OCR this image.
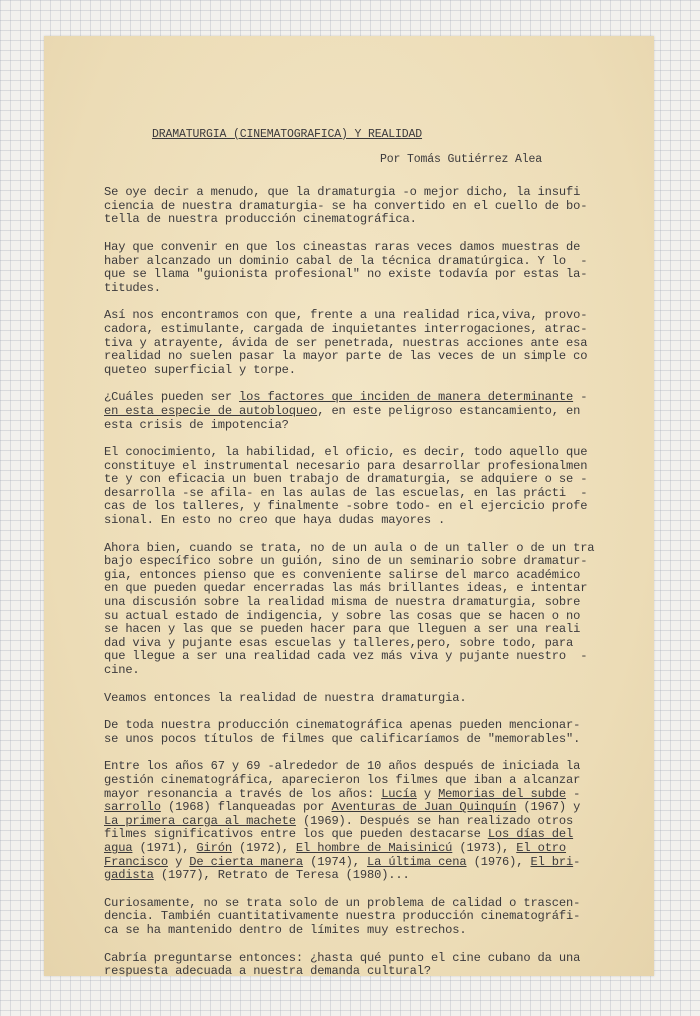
DRAMATURGIA (CINEMATOGRAFICA) Y REALIDAD
Por Tomás Gutiérrez Alea
Se oye decir a menudo, que la dramaturgia -o mejor dicho, la insufi
ciencia de nuestra dramaturgia- se ha convertido en el cuello de bo-
tella de nuestra producción cinematográfica.
Hay que convenir en que los cineastas raras veces damos muestras de
haber alcanzado un dominio cabal de la técnica dramatúrgica. Y lo  -
que se llama "guionista profesional" no existe todavía por estas la-
titudes.
Así nos encontramos con que, frente a una realidad rica,viva, provo-
cadora, estimulante, cargada de inquietantes interrogaciones, atrac-
tiva y atrayente, ávida de ser penetrada, nuestras acciones ante esa
realidad no suelen pasar la mayor parte de las veces de un simple co
queteo superficial y torpe.
¿Cuáles pueden ser los factores que inciden de manera determinante -
en esta especie de autobloqueo, en este peligroso estancamiento, en
esta crisis de impotencia?
El conocimiento, la habilidad, el oficio, es decir, todo aquello que
constituye el instrumental necesario para desarrollar profesionalmen
te y con eficacia un buen trabajo de dramaturgia, se adquiere o se -
desarrolla -se afila- en las aulas de las escuelas, en las prácti  -
cas de los talleres, y finalmente -sobre todo- en el ejercicio profe
sional. En esto no creo que haya dudas mayores .
Ahora bien, cuando se trata, no de un aula o de un taller o de un tra
bajo específico sobre un guión, sino de un seminario sobre dramatur-
gia, entonces pienso que es conveniente salirse del marco académico
en que pueden quedar encerradas las más brillantes ideas, e intentar
una discusión sobre la realidad misma de nuestra dramaturgia, sobre
su actual estado de indigencia, y sobre las cosas que se hacen o no
se hacen y las que se pueden hacer para que lleguen a ser una reali
dad viva y pujante esas escuelas y talleres,pero, sobre todo, para
que llegue a ser una realidad cada vez más viva y pujante nuestro  -
cine.
Veamos entonces la realidad de nuestra dramaturgia.
De toda nuestra producción cinematográfica apenas pueden mencionar-
se unos pocos títulos de filmes que calificaríamos de "memorables".
Entre los años 67 y 69 -alrededor de 10 años después de iniciada la
gestión cinematográfica, aparecieron los filmes que iban a alcanzar
mayor resonancia a través de los años: Lucía y Memorias del subde -
sarrollo (1968) flanqueadas por Aventuras de Juan Quinquín (1967) y
La primera carga al machete (1969). Después se han realizado otros
filmes significativos entre los que pueden destacarse Los días del
agua (1971), Girón (1972), El hombre de Maisinicú (1973), El otro
Francisco y De cierta manera (1974), La última cena (1976), El bri-
gadista (1977), Retrato de Teresa (1980)...
Curiosamente, no se trata solo de un problema de calidad o trascen-
dencia. También cuantitativamente nuestra producción cinematográfi-
ca se ha mantenido dentro de límites muy estrechos.
Cabría preguntarse entonces: ¿hasta qué punto el cine cubano da una
respuesta adecuada a nuestra demanda cultural?
